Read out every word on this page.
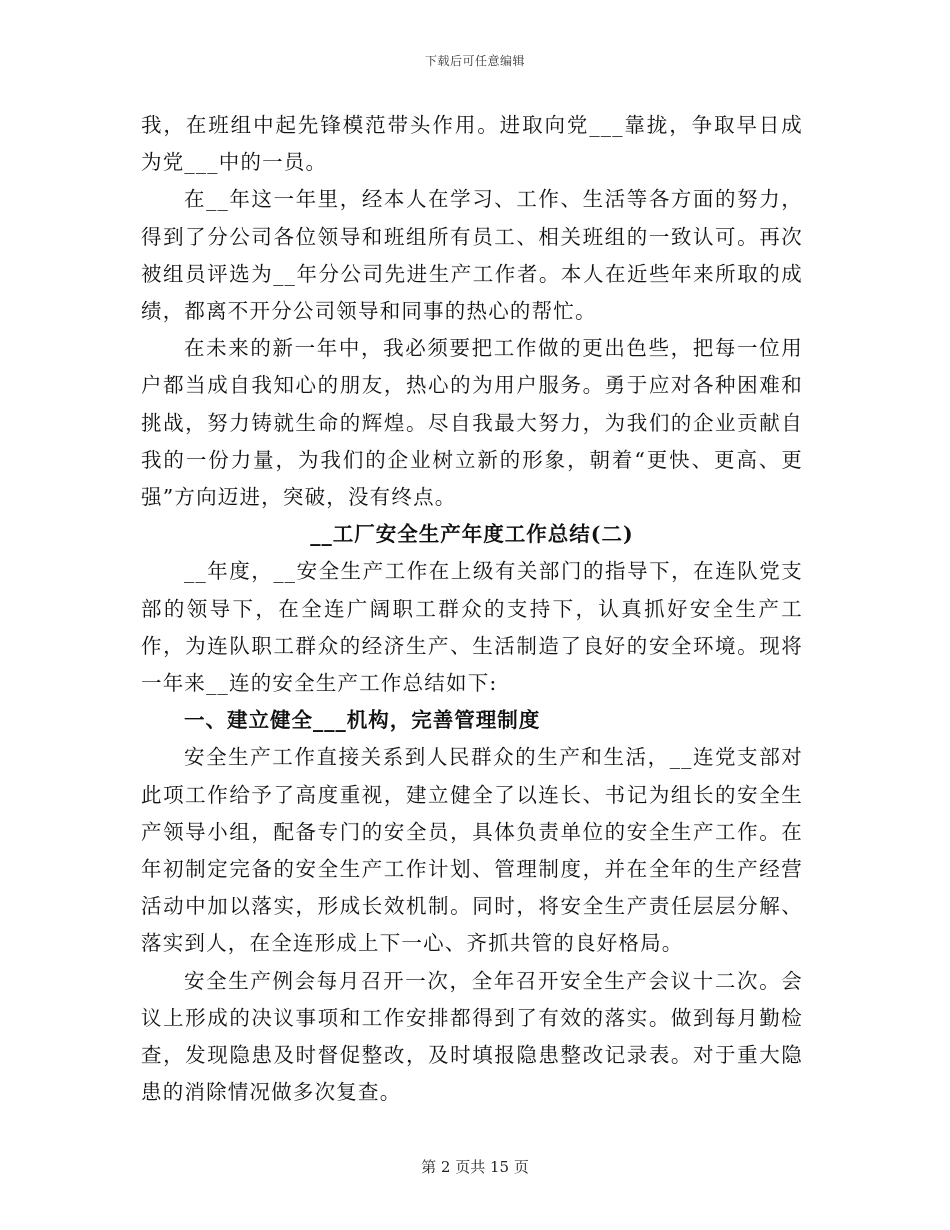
下载后可任意编辑

我，在班组中起先锋模范带头作用。进取向党___靠拢，争取早日成为党___中的一员。

在__年这一年里，经本人在学习、工作、生活等各方面的努力，得到了分公司各位领导和班组所有员工、相关班组的一致认可。再次被组员评选为__年分公司先进生产工作者。本人在近些年来所取的成绩，都离不开分公司领导和同事的热心的帮忙。

在未来的新一年中，我必须要把工作做的更出色些，把每一位用户都当成自我知心的朋友，热心的为用户服务。勇于应对各种困难和挑战，努力铸就生命的辉煌。尽自我最大努力，为我们的企业贡献自我的一份力量，为我们的企业树立新的形象，朝着“更快、更高、更强”方向迈进，突破，没有终点。

__工厂安全生产年度工作总结(二)

__年度，__安全生产工作在上级有关部门的指导下，在连队党支部的领导下，在全连广阔职工群众的支持下，认真抓好安全生产工作，为连队职工群众的经济生产、生活制造了良好的安全环境。现将一年来__连的安全生产工作总结如下:

一、建立健全___机构，完善管理制度

安全生产工作直接关系到人民群众的生产和生活，__连党支部对此项工作给予了高度重视，建立健全了以连长、书记为组长的安全生产领导小组，配备专门的安全员，具体负责单位的安全生产工作。在年初制定完备的安全生产工作计划、管理制度，并在全年的生产经营活动中加以落实，形成长效机制。同时，将安全生产责任层层分解、落实到人，在全连形成上下一心、齐抓共管的良好格局。

安全生产例会每月召开一次，全年召开安全生产会议十二次。会议上形成的决议事项和工作安排都得到了有效的落实。做到每月勤检查，发现隐患及时督促整改，及时填报隐患整改记录表。对于重大隐患的消除情况做多次复查。

第 2 页共 15 页
